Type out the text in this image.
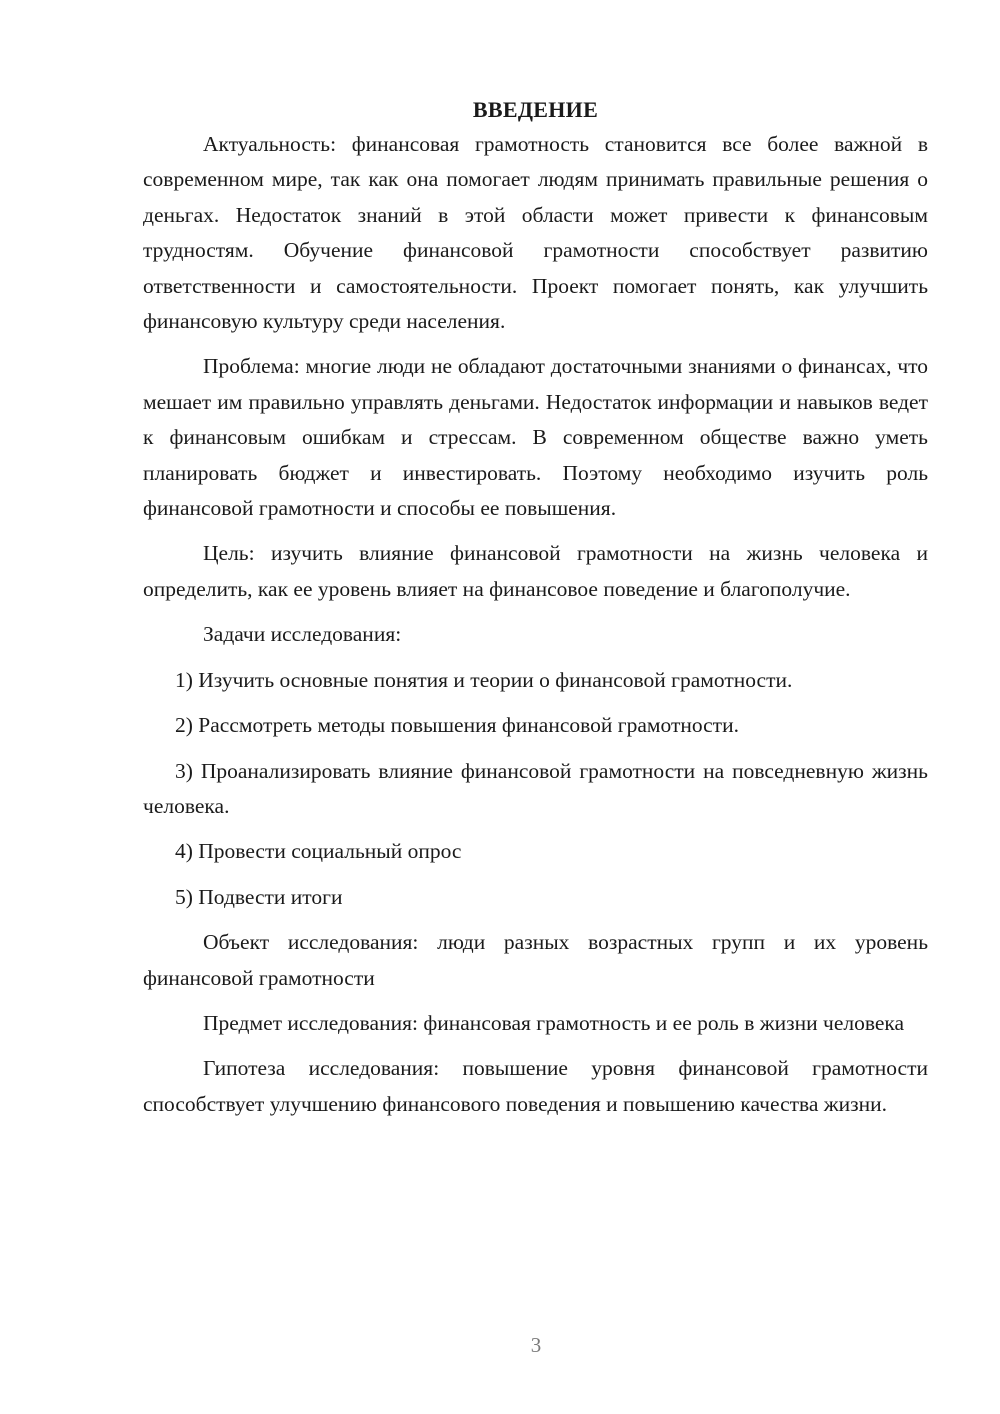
ВВЕДЕНИЕ

Актуальность: финансовая грамотность становится все более важной в современном мире, так как она помогает людям принимать правильные решения о деньгах. Недостаток знаний в этой области может привести к финансовым трудностям. Обучение финансовой грамотности способствует развитию ответственности и самостоятельности. Проект помогает понять, как улучшить финансовую культуру среди населения.

Проблема: многие люди не обладают достаточными знаниями о финансах, что мешает им правильно управлять деньгами. Недостаток информации и навыков ведет к финансовым ошибкам и стрессам. В современном обществе важно уметь планировать бюджет и инвестировать. Поэтому необходимо изучить роль финансовой грамотности и способы ее повышения.

Цель: изучить влияние финансовой грамотности на жизнь человека и определить, как ее уровень влияет на финансовое поведение и благополучие.

Задачи исследования:

1) Изучить основные понятия и теории о финансовой грамотности.

2) Рассмотреть методы повышения финансовой грамотности.

3) Проанализировать влияние финансовой грамотности на повседневную жизнь человека.

4) Провести социальный опрос

5) Подвести итоги

Объект исследования: люди разных возрастных групп и их уровень финансовой грамотности

Предмет исследования: финансовая грамотность и ее роль в жизни человека

Гипотеза исследования: повышение уровня финансовой грамотности способствует улучшению финансового поведения и повышению качества жизни.

3
